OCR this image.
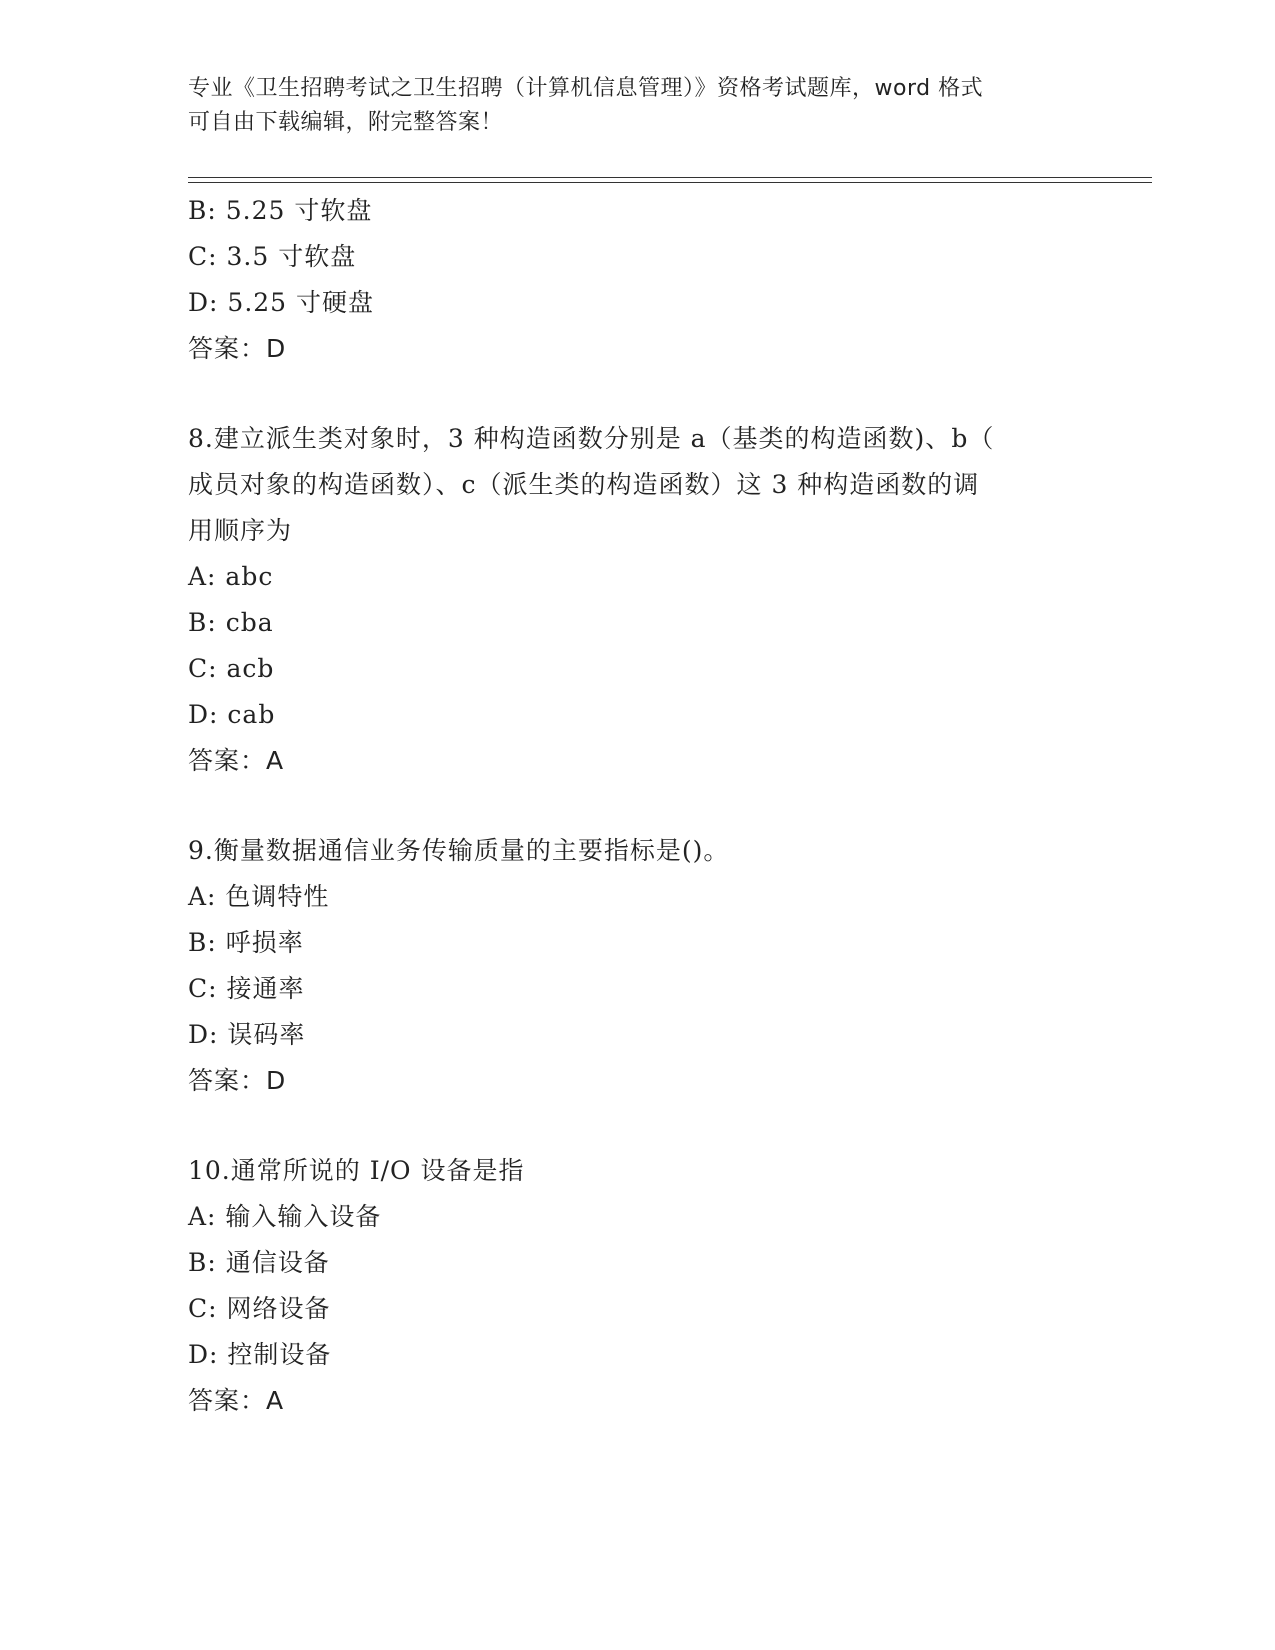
专业《卫生招聘考试之卫生招聘（计算机信息管理）》资格考试题库，word 格式
可自由下载编辑，附完整答案！
B: 5.25 寸软盘
C: 3.5 寸软盘
D: 5.25 寸硬盘
答案：D
8.建立派生类对象时，3 种构造函数分别是 a（基类的构造函数)、b（
成员对象的构造函数）、c（派生类的构造函数）这 3 种构造函数的调
用顺序为
A: abc
B: cba
C: acb
D: cab
答案：A
9.衡量数据通信业务传输质量的主要指标是()。
A: 色调特性
B: 呼损率
C: 接通率
D: 误码率
答案：D
10.通常所说的 I/O 设备是指
A: 输入输入设备
B: 通信设备
C: 网络设备
D: 控制设备
答案：A
